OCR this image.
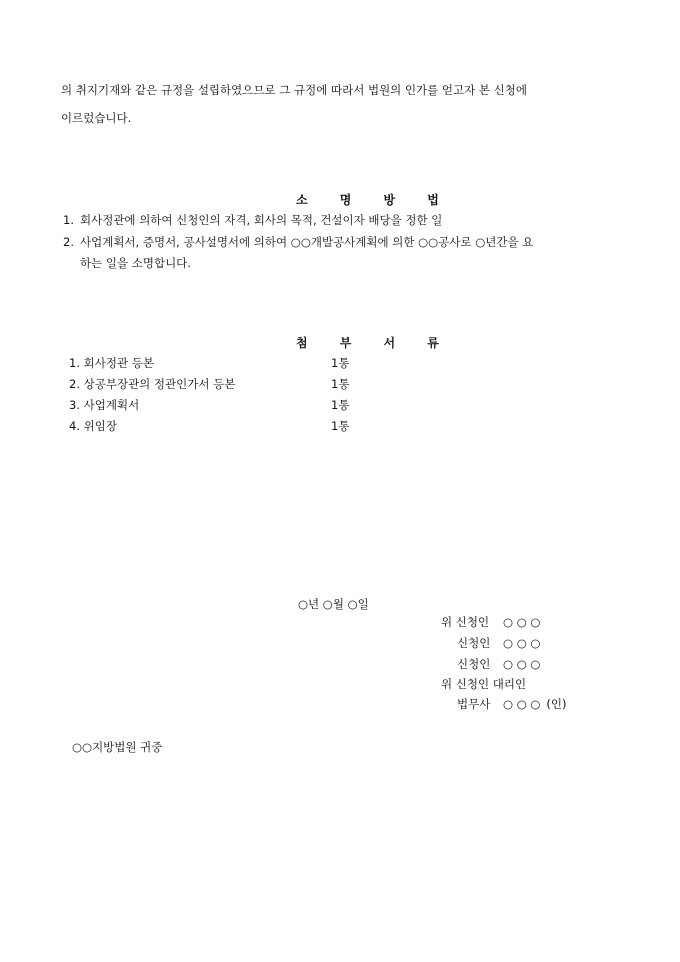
의 취지기재와 같은 규정을 설립하였으므로 그 규정에 따라서 법원의 인가를 얻고자 본 신청에
이르렀습니다.
소 명 방 법
1. 회사정관에 의하여 신청인의 자격, 회사의 목적, 건설이자 배당을 정한 일
2. 사업계획서, 증명서, 공사설명서에 의하여 ○○개발공사계획에 의한 ○○공사로 ○년간을 요
하는 일을 소명합니다.
첨 부 서 류
1. 회사정관 등본	1통
2. 상공부장관의 정관인가서 등본	1통
3. 사업계획서	1통
4. 위임장	1통
○년 ○월 ○일
위 신청인 ○ ○ ○
신청인 ○ ○ ○
신청인 ○ ○ ○
위 신청인 대리인
법무사 ○ ○ ○ (인)
○○지방법원 귀중
